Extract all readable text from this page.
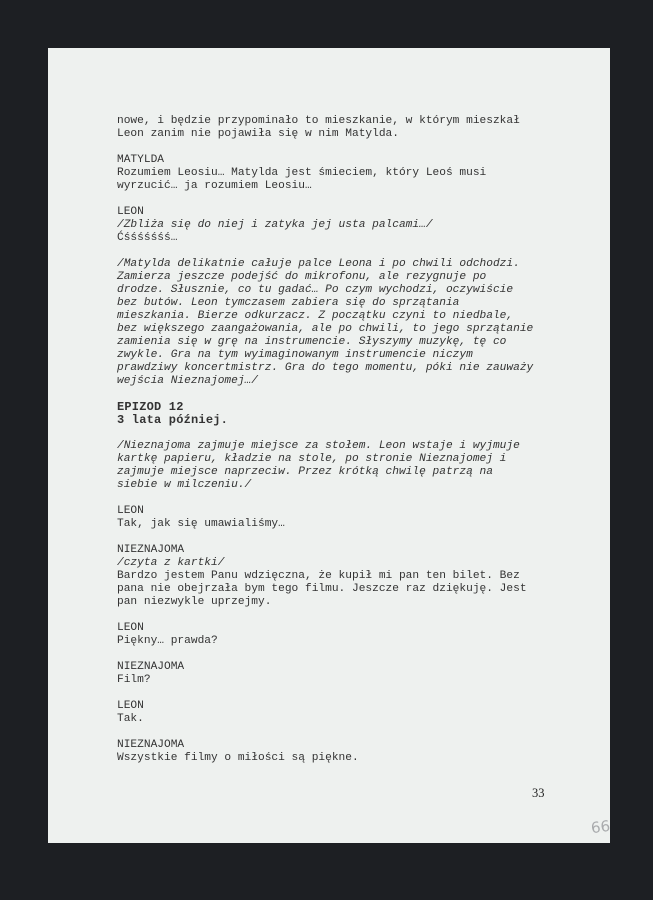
nowe, i będzie przypominało to mieszkanie, w którym mieszkał
Leon zanim nie pojawiła się w nim Matylda.
MATYLDA
Rozumiem Leosiu… Matylda jest śmieciem, który Leoś musi
wyrzucić… ja rozumiem Leosiu…
LEON
/Zbliża się do niej i zatyka jej usta palcami…/
Ćśśśśśśś…
/Matylda delikatnie całuje palce Leona i po chwili odchodzi.
Zamierza jeszcze podejść do mikrofonu, ale rezygnuje po
drodze. Słusznie, co tu gadać… Po czym wychodzi, oczywiście
bez butów. Leon tymczasem zabiera się do sprzątania
mieszkania. Bierze odkurzacz. Z początku czyni to niedbale,
bez większego zaangażowania, ale po chwili, to jego sprzątanie
zamienia się w grę na instrumencie. Słyszymy muzykę, tę co
zwykle. Gra na tym wyimaginowanym instrumencie niczym
prawdziwy koncertmistrz. Gra do tego momentu, póki nie zauważy
wejścia Nieznajomej…/
EPIZOD 12
3 lata później.
/Nieznajoma zajmuje miejsce za stołem. Leon wstaje i wyjmuje
kartkę papieru, kładzie na stole, po stronie Nieznajomej i
zajmuje miejsce naprzeciw. Przez krótką chwilę patrzą na
siebie w milczeniu./
LEON
Tak, jak się umawialiśmy…
NIEZNAJOMA
/czyta z kartki/
Bardzo jestem Panu wdzięczna, że kupił mi pan ten bilet. Bez
pana nie obejrzała bym tego filmu. Jeszcze raz dziękuję. Jest
pan niezwykle uprzejmy.
LEON
Piękny… prawda?
NIEZNAJOMA
Film?
LEON
Tak.
NIEZNAJOMA
Wszystkie filmy o miłości są piękne.
33
66
